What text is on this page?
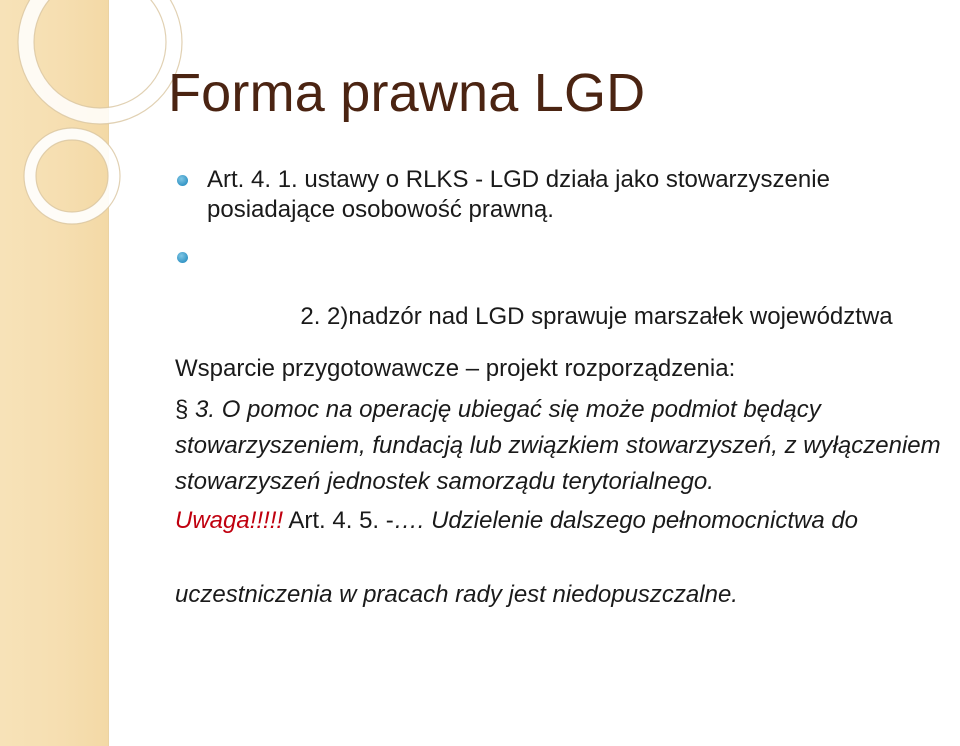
Forma prawna LGD
Art. 4. 1. ustawy o RLKS - LGD działa jako stowarzyszenie posiadające osobowość prawną.

2. 2)nadzór nad LGD sprawuje marszałek województwa

Wsparcie przygotowawcze – projekt rozporządzenia:

§ 3. O pomoc na operację ubiegać się może podmiot będący stowarzyszeniem, fundacją lub związkiem stowarzyszeń, z wyłączeniem stowarzyszeń jednostek samorządu terytorialnego.

Uwaga!!!!! Art. 4. 5. -…. Udzielenie dalszego pełnomocnictwa do

uczestniczenia w pracach rady jest niedopuszczalne.
